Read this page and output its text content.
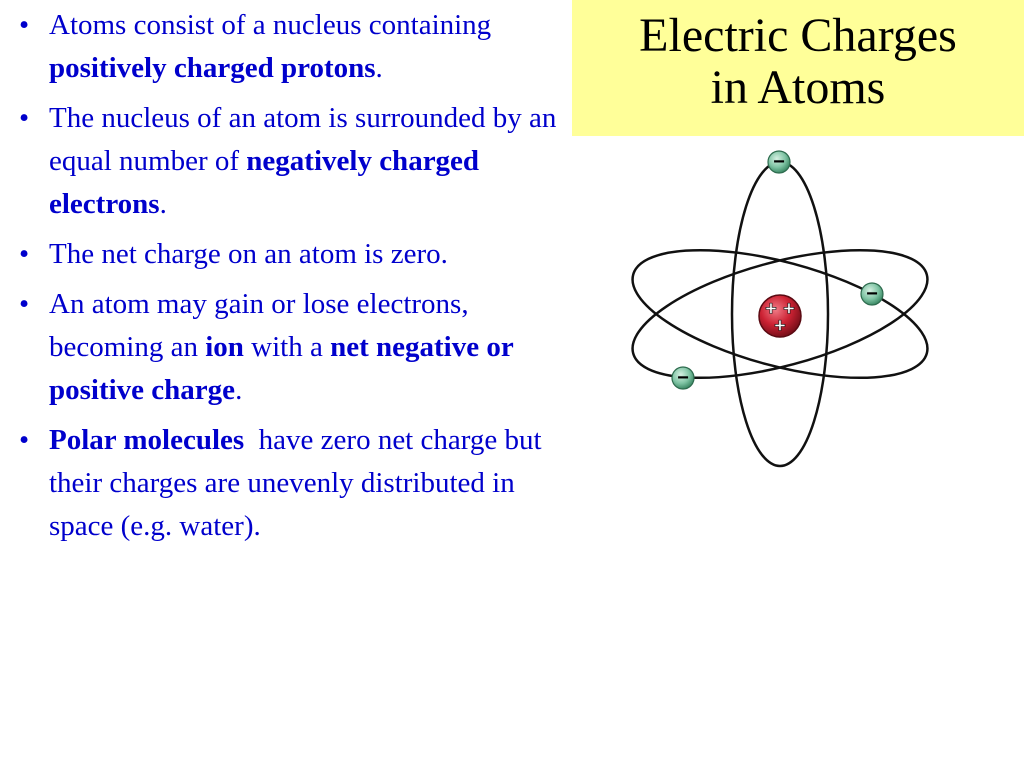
Electric Charges
in Atoms
• Atoms consist of a nucleus containing positively charged protons.
• The nucleus of an atom is surrounded by an equal number of negatively charged electrons.
• The net charge on an atom is zero.
• An atom may gain or lose electrons, becoming an ion with a net negative or positive charge.
• Polar molecules  have zero net charge but their charges are unevenly distributed in space (e.g. water).
+ +
+
−
−
−
